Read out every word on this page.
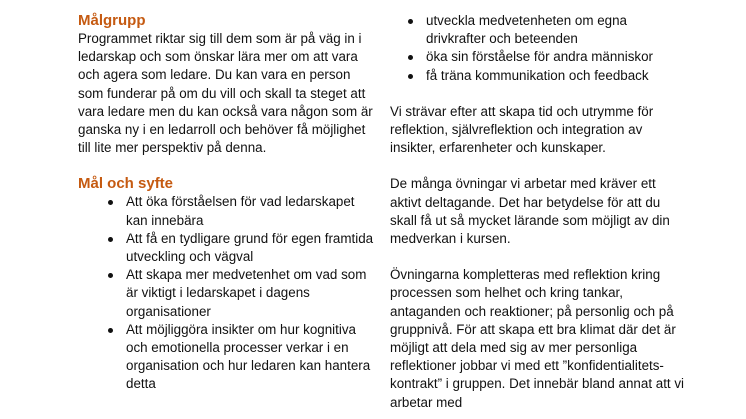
Målgrupp

Programmet riktar sig till dem som är på väg in i ledarskap och som önskar lära mer om att vara och agera som ledare. Du kan vara en person som funderar på om du vill och skall ta steget att vara ledare men du kan också vara någon som är ganska ny i en ledarroll och behöver få möjlighet till lite mer perspektiv på denna.

Mål och syfte
Att öka förståelsen för vad ledarskapet kan innebära
Att få en tydligare grund för egen framtida utveckling och vägval
Att skapa mer medvetenhet om vad som är viktigt i ledarskapet i dagens organisationer
Att möjliggöra insikter om hur kognitiva och emotionella processer verkar i en organisation och hur ledaren kan hantera detta
utveckla medvetenheten om egna drivkrafter och beteenden
öka sin förståelse för andra människor
få träna kommunikation och feedback

Vi strävar efter att skapa tid och utrymme för reflektion, självreflektion och integration av insikter, erfarenheter och kunskaper.

De många övningar vi arbetar med kräver ett aktivt deltagande. Det har betydelse för att du skall få ut så mycket lärande som möjligt av din medverkan i kursen.

Övningarna kompletteras med reflektion kring processen som helhet och kring tankar, antaganden och reaktioner; på personlig och på gruppnivå. För att skapa ett bra klimat där det är möjligt att dela med sig av mer personliga reflektioner jobbar vi med ett ”konfidentialitets-kontrakt” i gruppen. Det innebär bland annat att vi arbetar med
